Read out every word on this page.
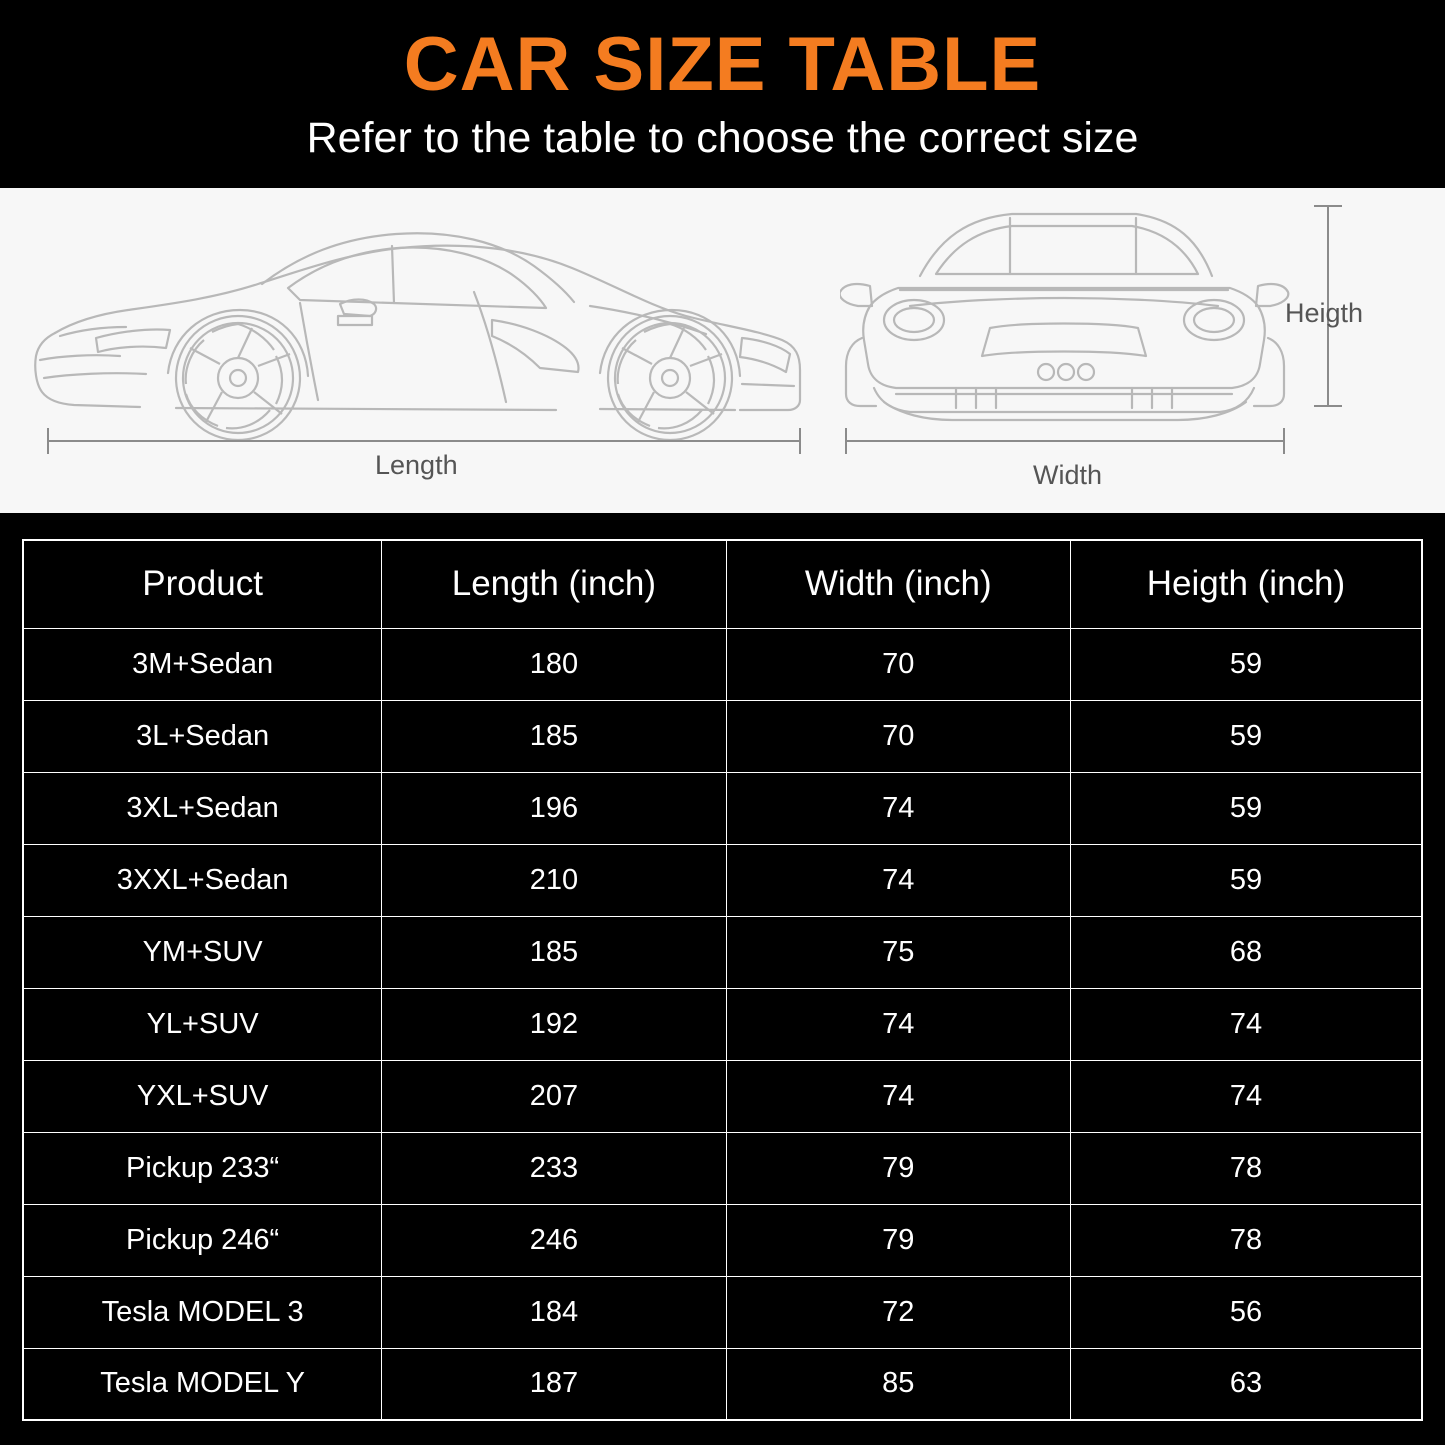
CAR SIZE TABLE
Refer to the table to choose the correct size
Length	Width
Heigth
Product	Length (inch)	Width (inch)	Heigth (inch)
3M+Sedan	180	70	59
3L+Sedan	185	70	59
3XL+Sedan	196	74	59
3XXL+Sedan	210	74	59
YM+SUV	185	75	68
YL+SUV	192	74	74
YXL+SUV	207	74	74
Pickup 233“	233	79	78
Pickup 246“	246	79	78
Tesla MODEL 3	184	72	56
Tesla MODEL Y	187	85	63
